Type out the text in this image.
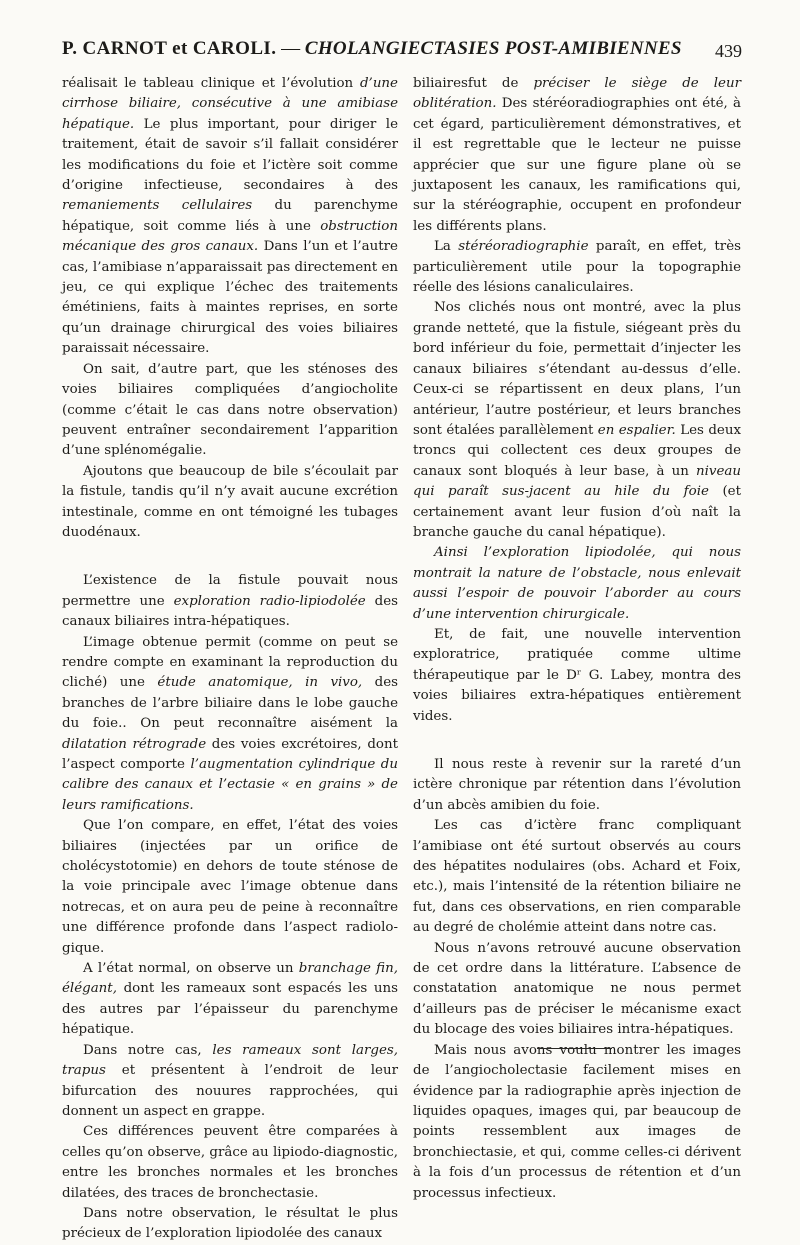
P. CARNOT et CAROLI. — CHOLANGIECTASIES POST-AMIBIENNES 439

réalisait le tableau clinique et l’évolution d’une cirrhose biliaire, consécutive à une amibiase hépatique. Le plus important, pour diriger le traitement, était de savoir s’il fallait considérer les modifications du foie et l’ictère soit comme d’origine infectieuse, secondaires à des remaniements cellulaires du parenchyme hépatique, soit comme liés à une obstruction mécanique des gros canaux. Dans l’un et l’autre cas, l’amibiase n’apparaissait pas directement en jeu, ce qui explique l’échec des traitements émétiniens, faits à maintes reprises, en sorte qu’un drainage chirurgical des voies biliaires paraissait nécessaire.

On sait, d’autre part, que les sténoses des voies biliaires compliquées d’angiocholite (comme c’était le cas dans notre observation) peuvent entraîner secondairement l’apparition d’une splénomégalie.

Ajoutons que beaucoup de bile s’écoulait par la fistule, tandis qu’il n’y avait aucune excrétion intestinale, comme en ont témoigné les tubages duodénaux.

L’existence de la fistule pouvait nous permettre une exploration radio-lipiodolée des canaux biliaires intra-hépatiques.

L’image obtenue permit (comme on peut se rendre compte en examinant la reproduction du cliché) une étude anatomique, in vivo, des branches de l’arbre biliaire dans le lobe gauche du foie.. On peut reconnaître aisément la dilatation rétrograde des voies excrétoires, dont l’aspect comporte l’augmentation cylindrique du calibre des canaux et l’ectasie « en grains » de leurs ramifications.

Que l’on compare, en effet, l’état des voies biliaires (injectées par un orifice de cholécystotomie) en dehors de toute sténose de la voie principale avec l’image obtenue dans notrecas, et on aura peu de peine à reconnaître une différence profonde dans l’aspect radiolo- gique.

A l’état normal, on observe un branchage fin, élégant, dont les rameaux sont espacés les uns des autres par l’épaisseur du parenchyme hépatique.

Dans notre cas, les rameaux sont larges, trapus et présentent à l’endroit de leur bifurcation des nouures rapprochées, qui donnent un aspect en grappe.

Ces différences peuvent être comparées à celles qu’on observe, grâce au lipiodo-diagnostic, entre les bronches normales et les bronches dilatées, des traces de bronchectasie.

Dans notre observation, le résultat le plus précieux de l’exploration lipiodolée des canaux

biliairesfut de préciser le siège de leur oblitération. Des stéréoradiographies ont été, à cet égard, particulièrement démonstratives, et il est regrettable que le lecteur ne puisse apprécier que sur une figure plane où se juxtaposent les canaux, les ramifications qui, sur la stéréographie, occupent en profondeur les différents plans.

La stéréoradiographie paraît, en effet, très particulièrement utile pour la topographie réelle des lésions canaliculaires.

Nos clichés nous ont montré, avec la plus grande netteté, que la fistule, siégeant près du bord inférieur du foie, permettait d’injecter les canaux biliaires s’étendant au-dessus d’elle. Ceux-ci se répartissent en deux plans, l’un antérieur, l’autre postérieur, et leurs branches sont étalées parallèlement en espalier. Les deux troncs qui collectent ces deux groupes de canaux sont bloqués à leur base, à un niveau qui paraît sus-jacent au hile du foie (et certainement avant leur fusion d’où naît la branche gauche du canal hépatique).

Ainsi l’exploration lipiodolée, qui nous montrait la nature de l’obstacle, nous enlevait aussi l’espoir de pouvoir l’aborder au cours d’une intervention chirurgicale.

Et, de fait, une nouvelle intervention exploratrice, pratiquée comme ultime thérapeutique par le Dʳ G. Labey, montra des voies biliaires extra-hépatiques entièrement vides.

Il nous reste à revenir sur la rareté d’un ictère chronique par rétention dans l’évolution d’un abcès amibien du foie.

Les cas d’ictère franc compliquant l’amibiase ont été surtout observés au cours des hépatites nodulaires (obs. Achard et Foix, etc.), mais l’intensité de la rétention biliaire ne fut, dans ces observations, en rien comparable au degré de cholémie atteint dans notre cas.

Nous n’avons retrouvé aucune observation de cet ordre dans la littérature. L’absence de constatation anatomique ne nous permet d’ailleurs pas de préciser le mécanisme exact du blocage des voies biliaires intra-hépatiques.

Mais nous avons voulu montrer les images de l’angiocholectasie facilement mises en évidence par la radiographie après injection de liquides opaques, images qui, par beaucoup de points ressemblent aux images de bronchiectasie, et qui, comme celles-ci dérivent à la fois d’un processus de rétention et d’un processus infectieux.
